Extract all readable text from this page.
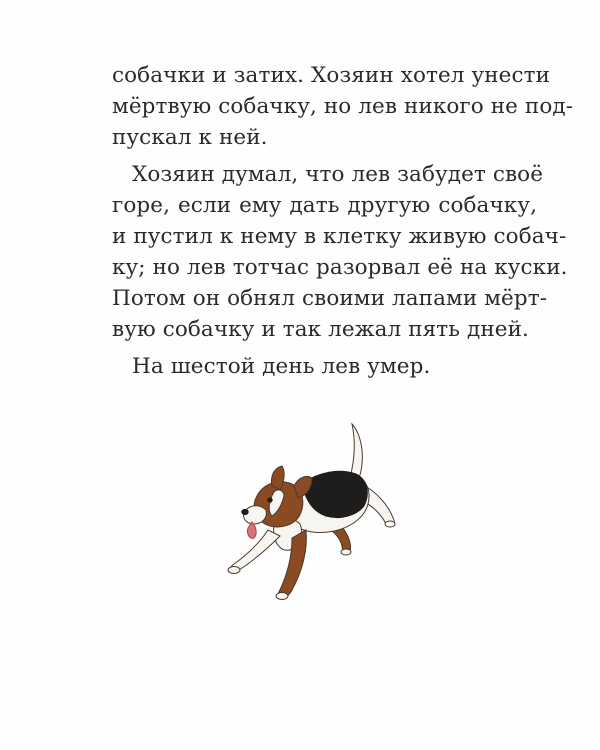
собачки и затих. Хозяин хотел унести
мёртвую собачку, но лев никого не под-
пускал к ней.
Хозяин думал, что лев забудет своё
горе, если ему дать другую собачку,
и пустил к нему в клетку живую собач-
ку; но лев тотчас разорвал её на куски.
Потом он обнял своими лапами мёрт-
вую собачку и так лежал пять дней.
На шестой день лев умер.
